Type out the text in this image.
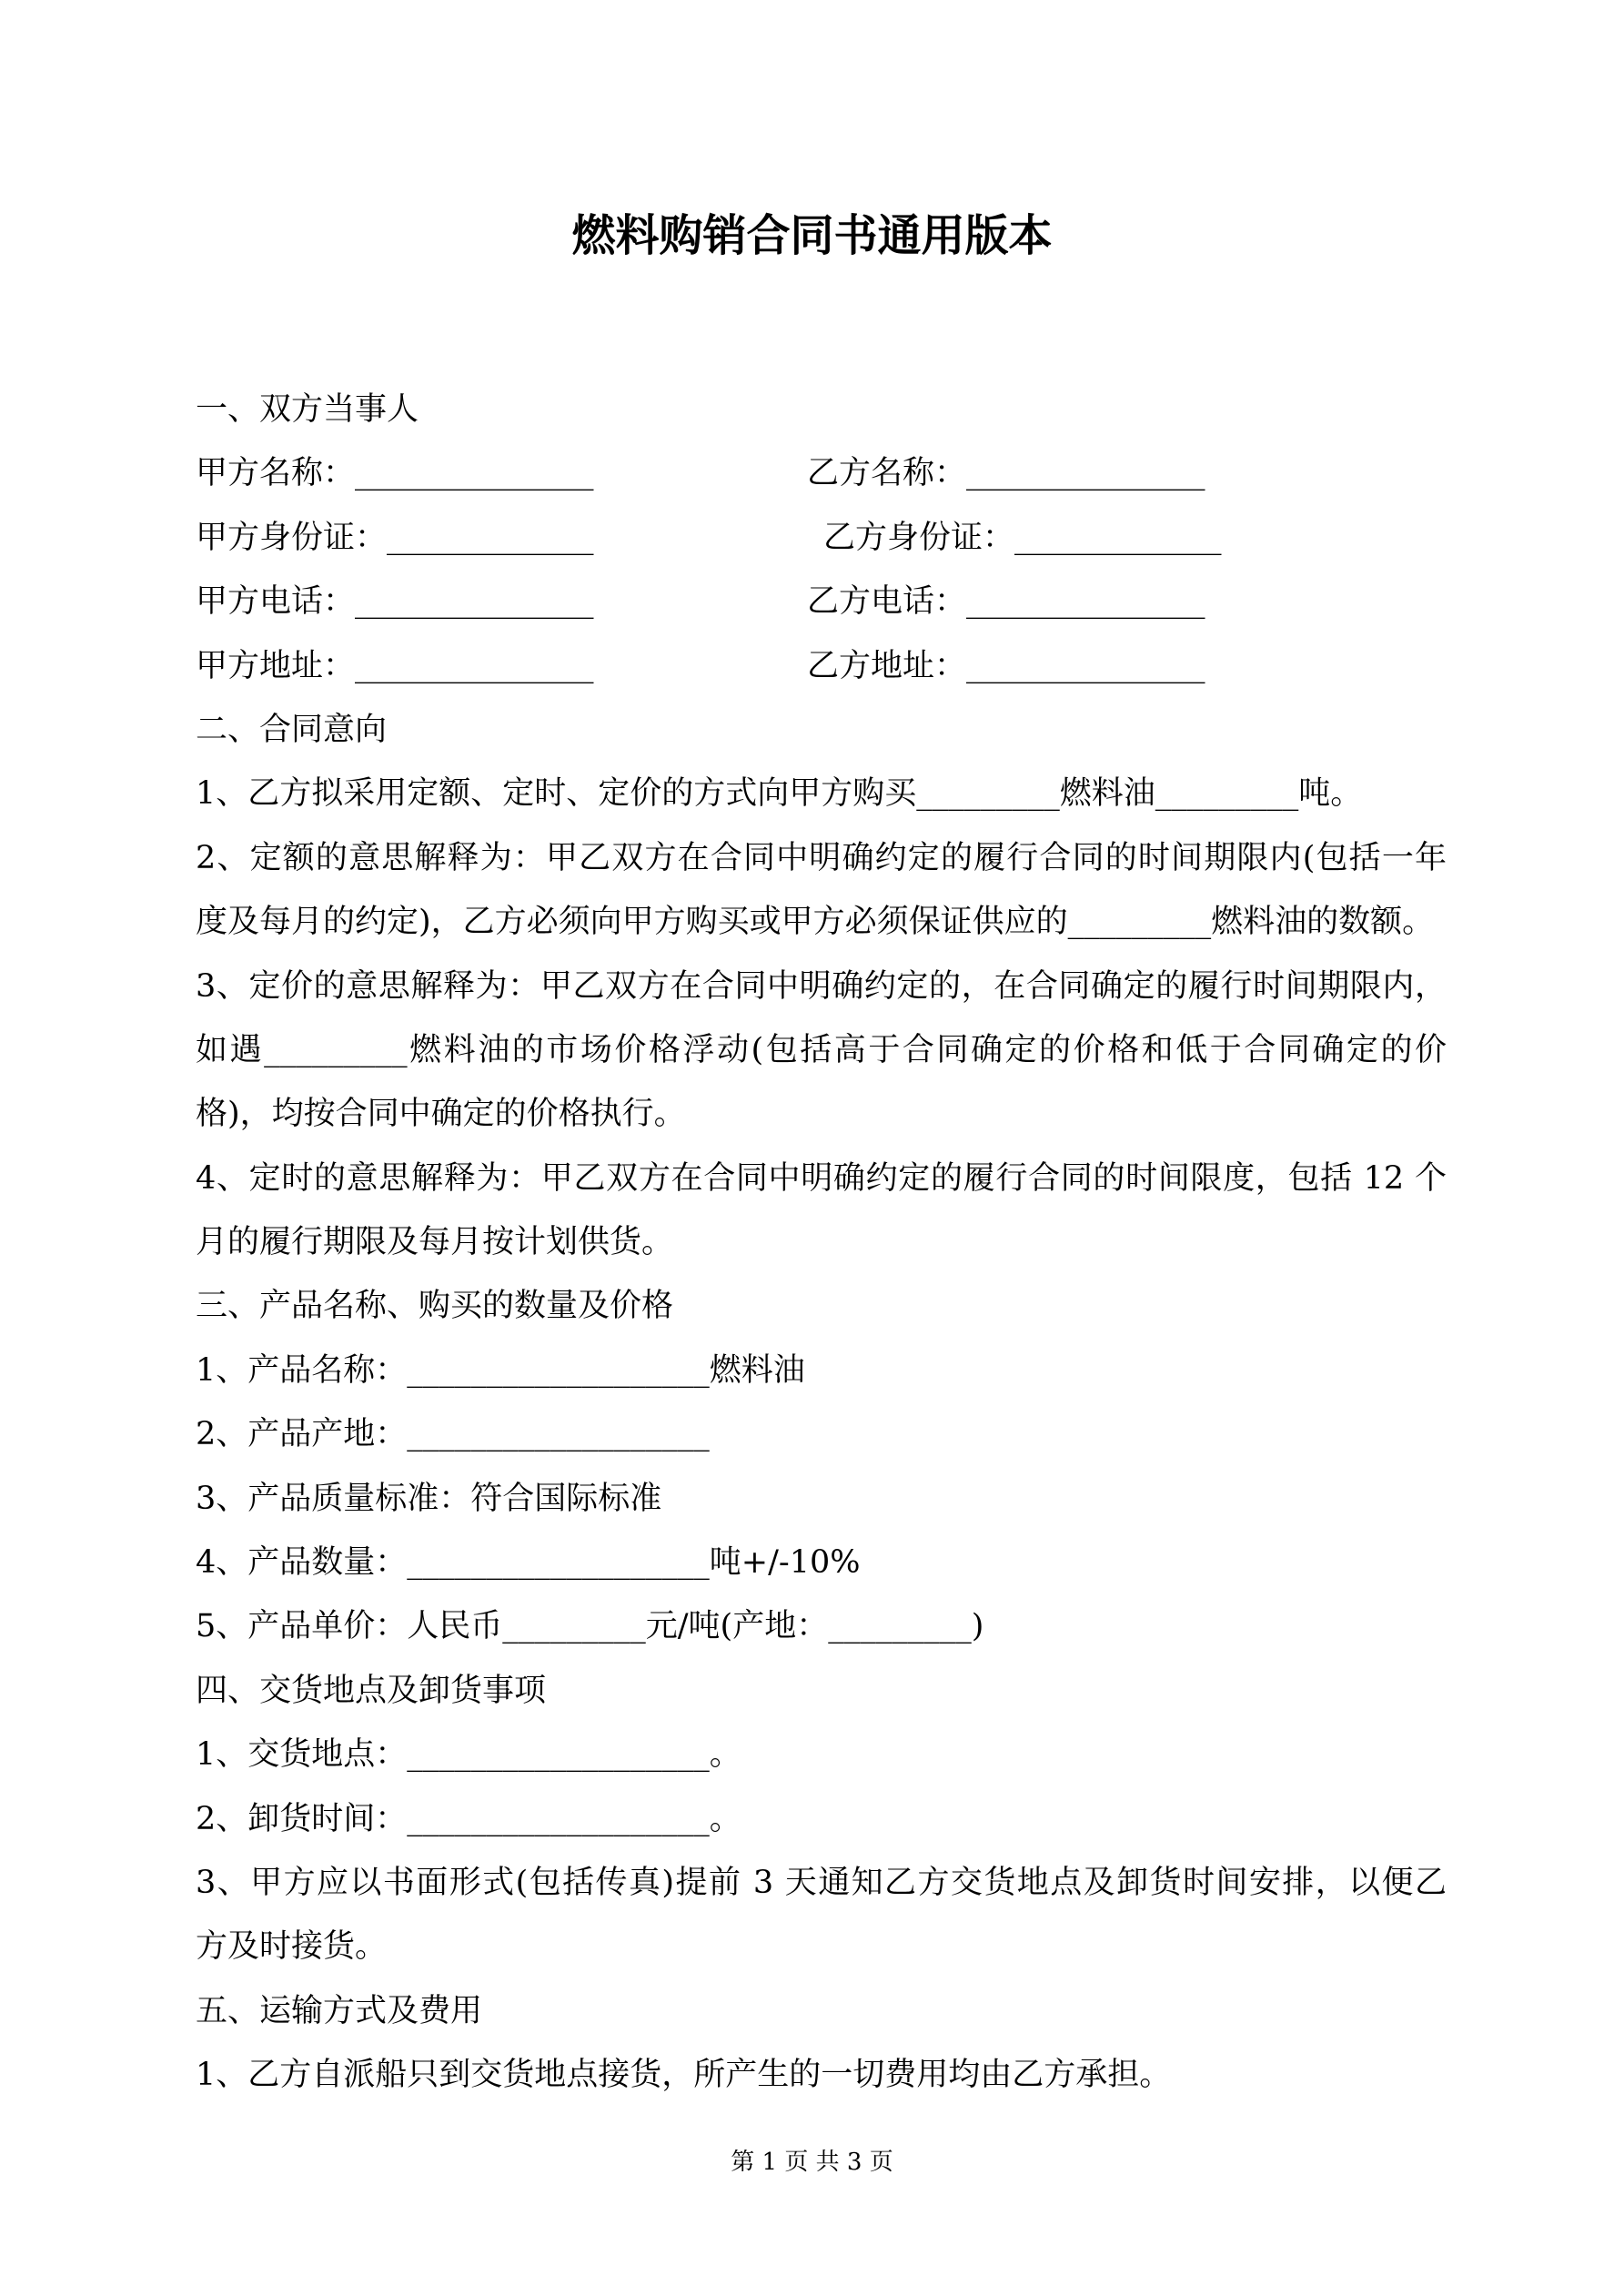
燃料购销合同书通用版本
一、双方当事人
甲方名称：_______________	乙方名称：_______________
甲方身份证：_____________	乙方身份证：_____________
甲方电话：_______________	乙方电话：_______________
甲方地址：_______________	乙方地址：_______________
二、合同意向
1、乙方拟采用定额、定时、定价的方式向甲方购买_________燃料油_________吨。
2、定额的意思解释为：甲乙双方在合同中明确约定的履行合同的时间期限内(包括一年
度及每月的约定)，乙方必须向甲方购买或甲方必须保证供应的_________燃料油的数额。
3、定价的意思解释为：甲乙双方在合同中明确约定的，在合同确定的履行时间期限内，
如遇_________燃料油的市场价格浮动(包括高于合同确定的价格和低于合同确定的价
格)，均按合同中确定的价格执行。
4、定时的意思解释为：甲乙双方在合同中明确约定的履行合同的时间限度，包括 12 个
月的履行期限及每月按计划供货。
三、产品名称、购买的数量及价格
1、产品名称：___________________燃料油
2、产品产地：___________________
3、产品质量标准：符合国际标准
4、产品数量：___________________吨+/-10%
5、产品单价：人民币_________元/吨(产地：_________)
四、交货地点及卸货事项
1、交货地点：___________________。
2、卸货时间：___________________。
3、甲方应以书面形式(包括传真)提前 3 天通知乙方交货地点及卸货时间安排，以便乙
方及时接货。
五、运输方式及费用
1、乙方自派船只到交货地点接货，所产生的一切费用均由乙方承担。
第 1 页 共 3 页
